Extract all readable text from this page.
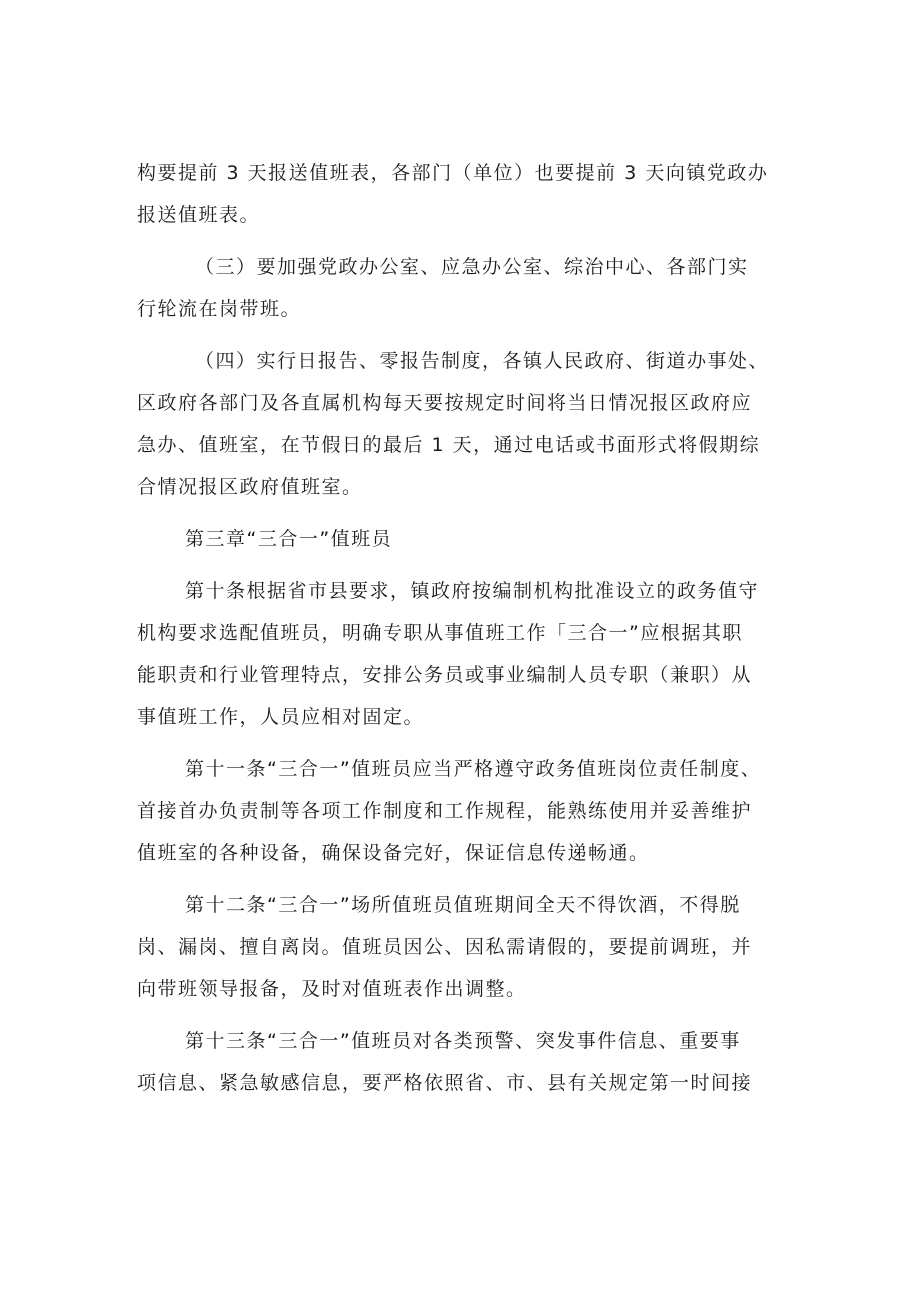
构要提前 3 天报送值班表，各部门（单位）也要提前 3 天向镇党政办
报送值班表。

（三）要加强党政办公室、应急办公室、综治中心、各部门实
行轮流在岗带班。

（四）实行日报告、零报告制度，各镇人民政府、街道办事处、
区政府各部门及各直属机构每天要按规定时间将当日情况报区政府应
急办、值班室，在节假日的最后 1 天，通过电话或书面形式将假期综
合情况报区政府值班室。

第三章“三合一”值班员

第十条根据省市县要求，镇政府按编制机构批准设立的政务值守
机构要求选配值班员，明确专职从事值班工作「三合一”应根据其职
能职责和行业管理特点，安排公务员或事业编制人员专职（兼职）从
事值班工作，人员应相对固定。

第十一条“三合一”值班员应当严格遵守政务值班岗位责任制度、
首接首办负责制等各项工作制度和工作规程，能熟练使用并妥善维护
值班室的各种设备，确保设备完好，保证信息传递畅通。

第十二条“三合一”场所值班员值班期间全天不得饮酒，不得脱
岗、漏岗、擅自离岗。值班员因公、因私需请假的，要提前调班，并
向带班领导报备，及时对值班表作出调整。

第十三条“三合一”值班员对各类预警、突发事件信息、重要事
项信息、紧急敏感信息，要严格依照省、市、县有关规定第一时间接
